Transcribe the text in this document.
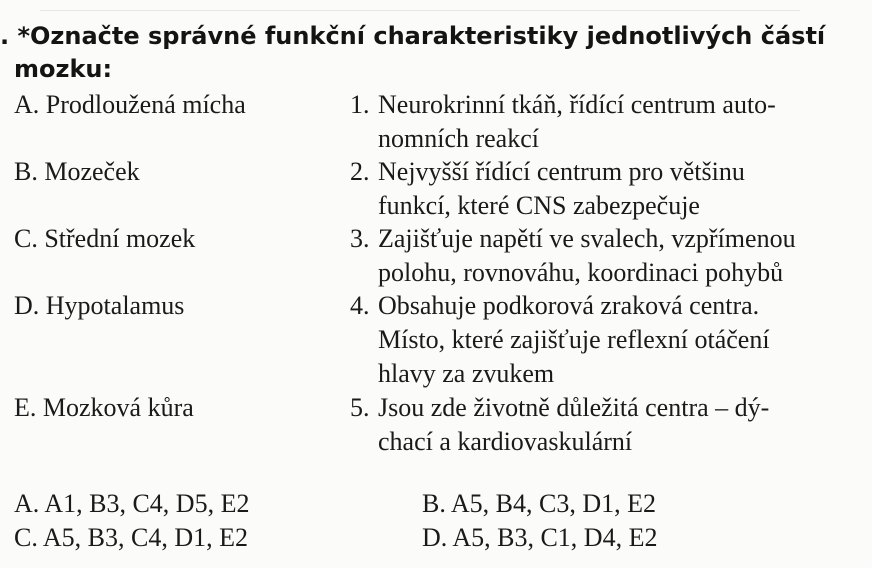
. *Označte správné funkční charakteristiky jednotlivých částí
mozku:
A. Prodloužená mícha
B. Mozeček
C. Střední mozek
D. Hypotalamus
E. Mozková kůra
1. Neurokrinní tkáň, řídící centrum auto-
nomních reakcí
2. Nejvyšší řídící centrum pro většinu
funkcí, které CNS zabezpečuje
3. Zajišťuje napětí ve svalech, vzpřímenou
polohu, rovnováhu, koordinaci pohybů
4. Obsahuje podkorová zraková centra.
Místo, které zajišťuje reflexní otáčení
hlavy za zvukem
5. Jsou zde životně důležitá centra – dý-
chací a kardiovaskulární
A. A1, B3, C4, D5, E2	B. A5, B4, C3, D1, E2
C. A5, B3, C4, D1, E2	D. A5, B3, C1, D4, E2
